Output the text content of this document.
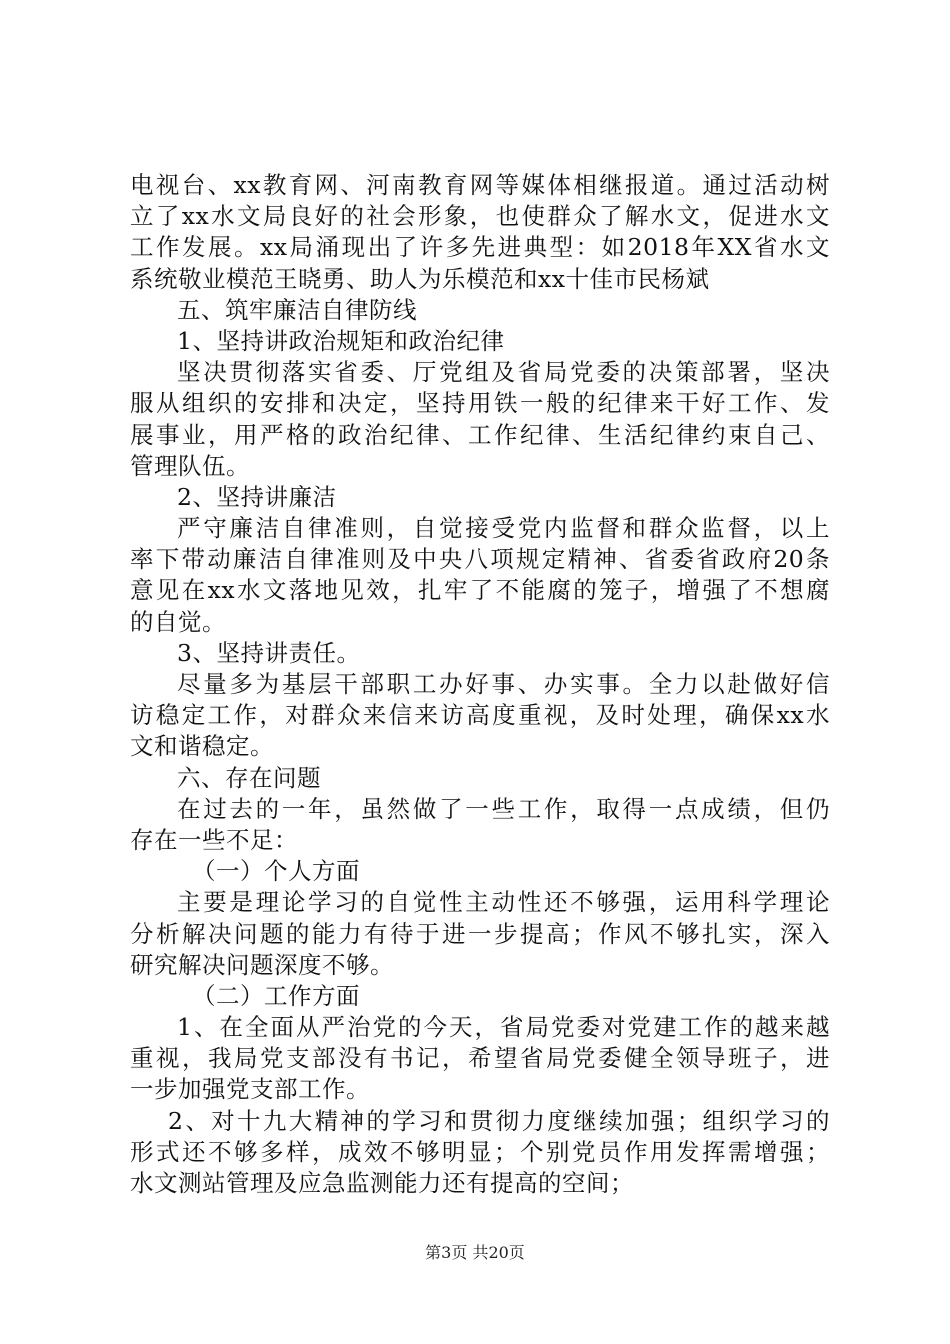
电视台、xx教育网、河南教育网等媒体相继报道。通过活动树
立了xx水文局良好的社会形象，也使群众了解水文，促进水文
工作发展。xx局涌现出了许多先进典型：如2018年XX省水文
系统敬业模范王晓勇、助人为乐模范和xx十佳市民杨斌
五、筑牢廉洁自律防线
1、坚持讲政治规矩和政治纪律
坚决贯彻落实省委、厅党组及省局党委的决策部署，坚决
服从组织的安排和决定，坚持用铁一般的纪律来干好工作、发
展事业，用严格的政治纪律、工作纪律、生活纪律约束自己、
管理队伍。
2、坚持讲廉洁
严守廉洁自律准则，自觉接受党内监督和群众监督，以上
率下带动廉洁自律准则及中央八项规定精神、省委省政府20条
意见在xx水文落地见效，扎牢了不能腐的笼子，增强了不想腐
的自觉。
3、坚持讲责任。
尽量多为基层干部职工办好事、办实事。全力以赴做好信
访稳定工作，对群众来信来访高度重视，及时处理，确保xx水
文和谐稳定。
六、存在问题
在过去的一年，虽然做了一些工作，取得一点成绩，但仍
存在一些不足：
（一）个人方面
主要是理论学习的自觉性主动性还不够强，运用科学理论
分析解决问题的能力有待于进一步提高；作风不够扎实，深入
研究解决问题深度不够。
（二）工作方面
1、在全面从严治党的今天，省局党委对党建工作的越来越
重视，我局党支部没有书记，希望省局党委健全领导班子，进
一步加强党支部工作。
2、对十九大精神的学习和贯彻力度继续加强；组织学习的
形式还不够多样，成效不够明显；个别党员作用发挥需增强；
水文测站管理及应急监测能力还有提高的空间；
第3页 共20页
